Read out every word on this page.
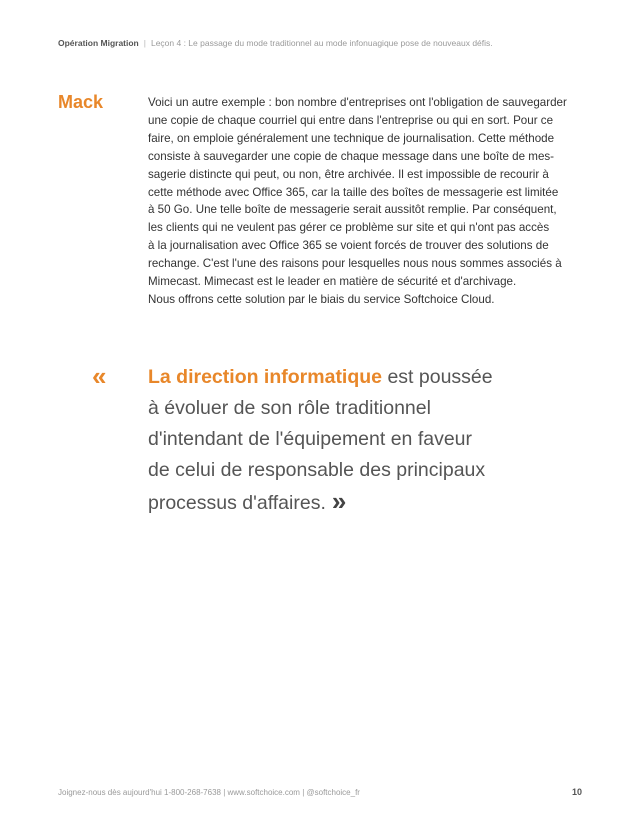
Opération Migration | Leçon 4 : Le passage du mode traditionnel au mode infonuagique pose de nouveaux défis.
Mack	Voici un autre exemple : bon nombre d'entreprises ont l'obligation de sauvegarder
une copie de chaque courriel qui entre dans l'entreprise ou qui en sort. Pour ce
faire, on emploie généralement une technique de journalisation. Cette méthode
consiste à sauvegarder une copie de chaque message dans une boîte de mes-
sagerie distincte qui peut, ou non, être archivée. Il est impossible de recourir à
cette méthode avec Office 365, car la taille des boîtes de messagerie est limitée
à 50 Go. Une telle boîte de messagerie serait aussitôt remplie. Par conséquent,
les clients qui ne veulent pas gérer ce problème sur site et qui n'ont pas accès
à la journalisation avec Office 365 se voient forcés de trouver des solutions de
rechange. C'est l'une des raisons pour lesquelles nous nous sommes associés à
Mimecast. Mimecast est le leader en matière de sécurité et d'archivage.
Nous offrons cette solution par le biais du service Softchoice Cloud.
« La direction informatique est poussée
à évoluer de son rôle traditionnel
d'intendant de l'équipement en faveur
de celui de responsable des principaux
processus d'affaires. »
Joignez-nous dès aujourd'hui 1-800-268-7638 | www.softchoice.com | @softchoice_fr	10
